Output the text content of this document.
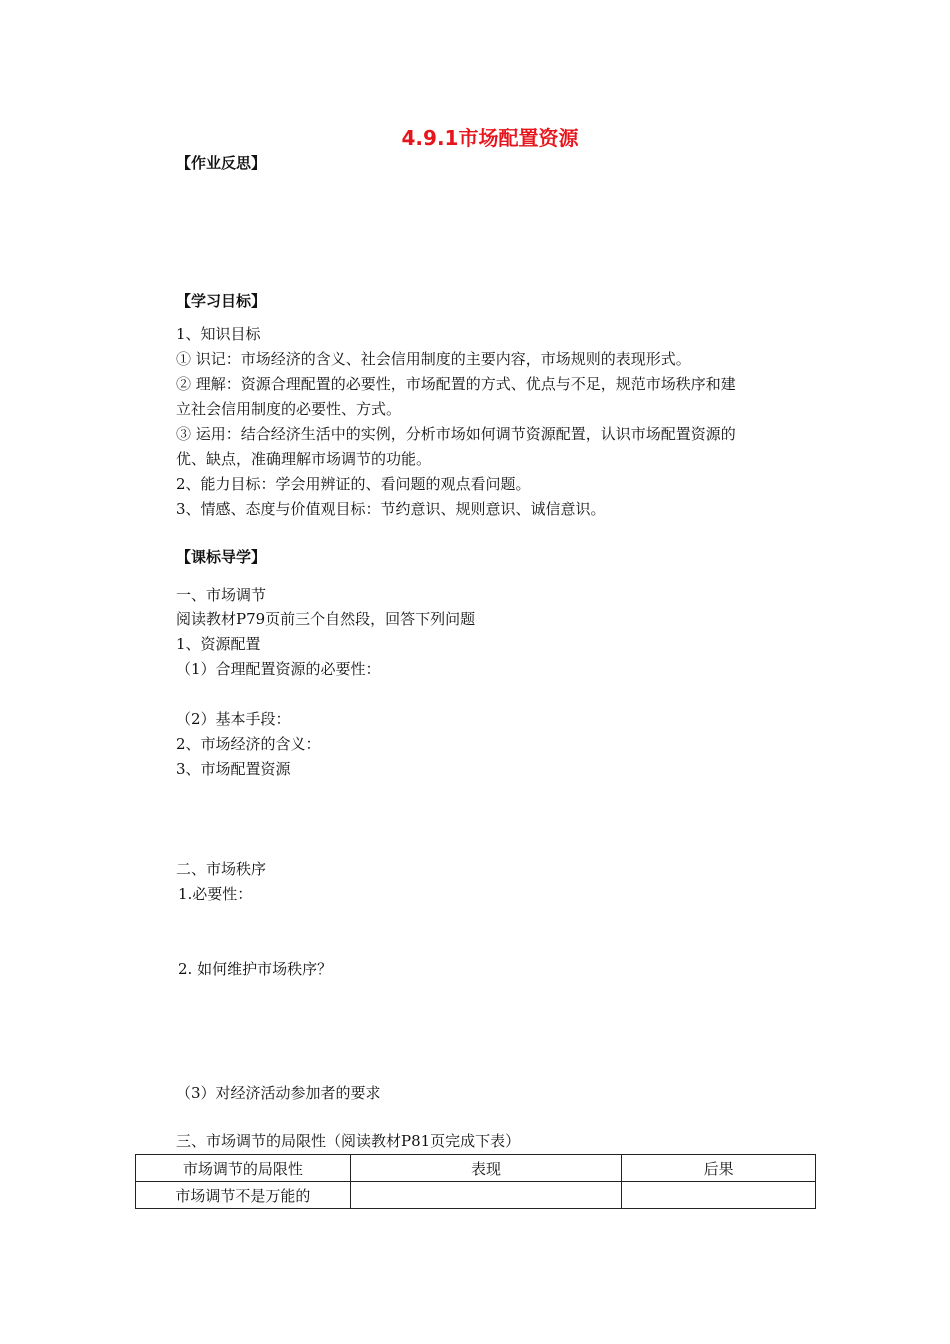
4.9.1市场配置资源
【作业反思】
【学习目标】
1、知识目标
① 识记：市场经济的含义、社会信用制度的主要内容，市场规则的表现形式。
② 理解：资源合理配置的必要性，市场配置的方式、优点与不足，规范市场秩序和建
立社会信用制度的必要性、方式。
③ 运用：结合经济生活中的实例，分析市场如何调节资源配置，认识市场配置资源的
优、缺点，准确理解市场调节的功能。
2、能力目标：学会用辨证的、看问题的观点看问题。
3、情感、态度与价值观目标：节约意识、规则意识、诚信意识。
【课标导学】
一、市场调节
阅读教材P79页前三个自然段，回答下列问题
1、资源配置
（1）合理配置资源的必要性：
（2）基本手段：
2、市场经济的含义：
3、市场配置资源
二、市场秩序
1.必要性：
2. 如何维护市场秩序？
（3）对经济活动参加者的要求
三、市场调节的局限性（阅读教材P81页完成下表）
市场调节的局限性	表现	后果
市场调节不是万能的		
